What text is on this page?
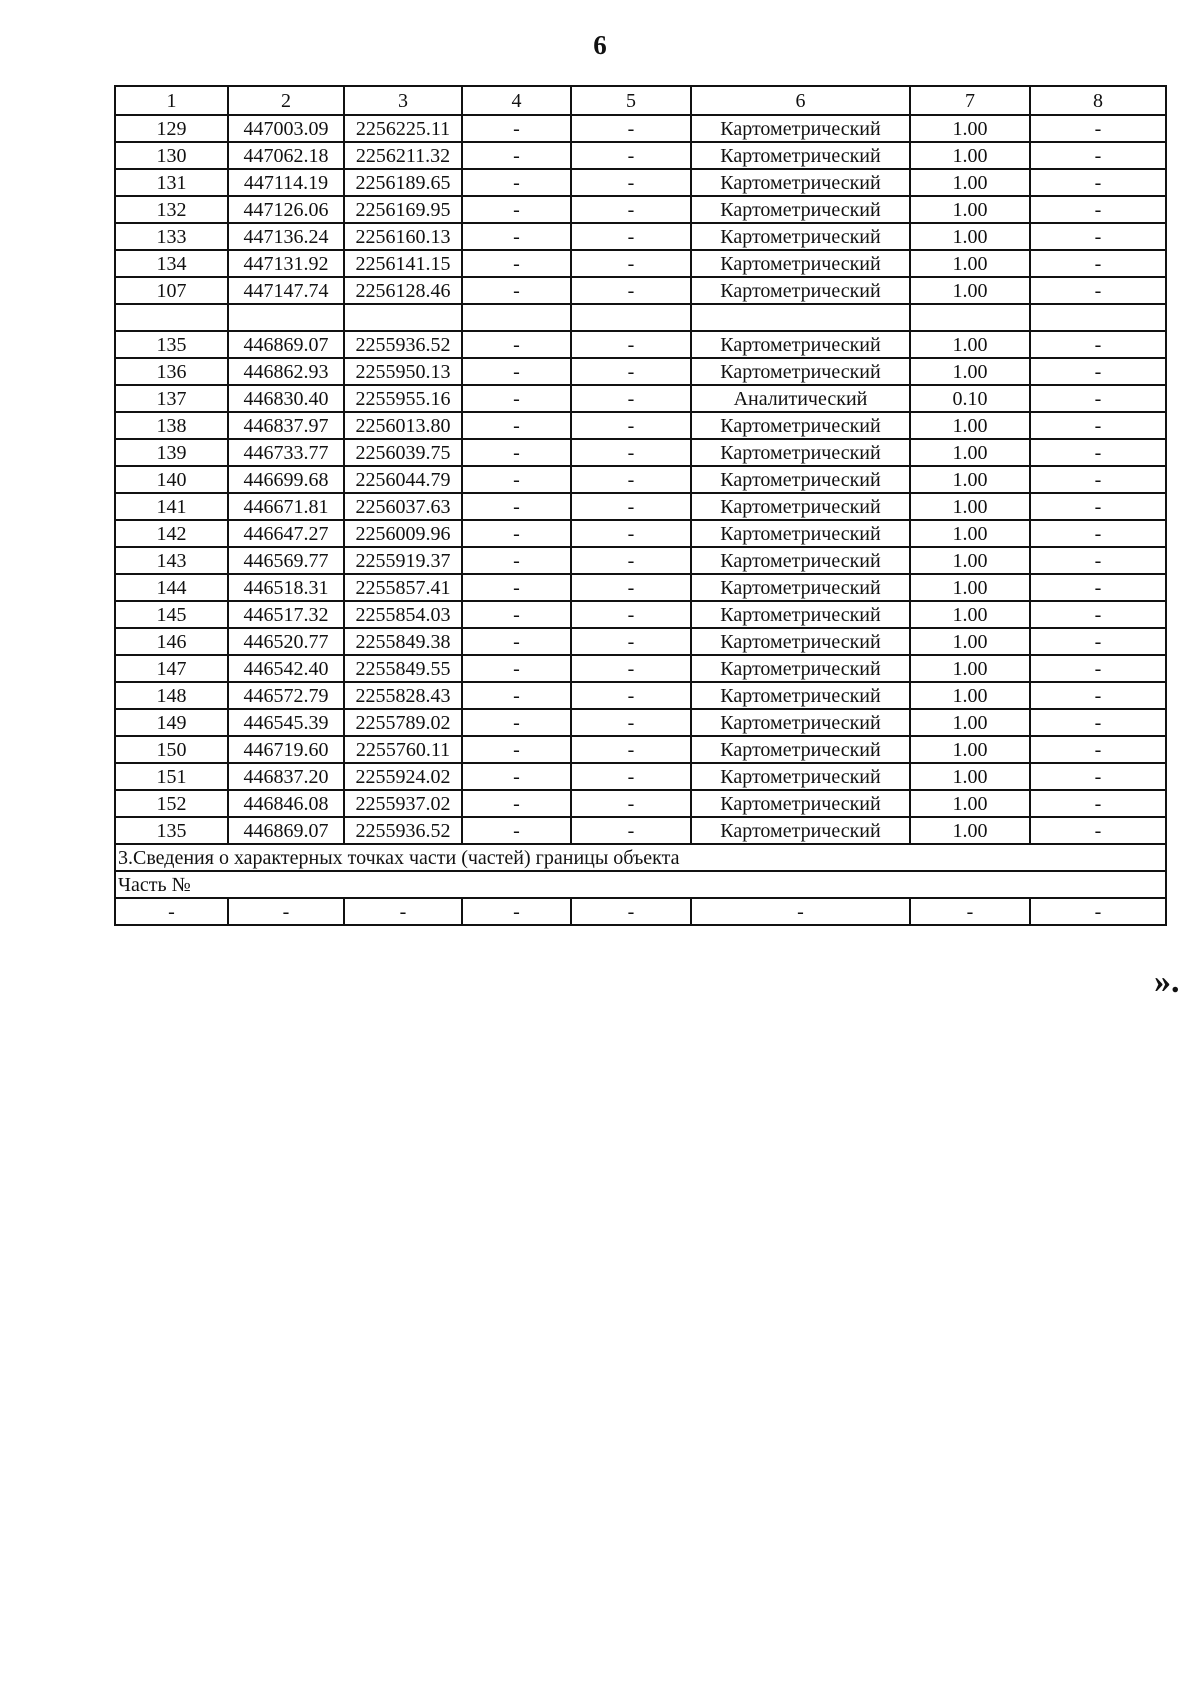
6
1	2	3	4	5	6	7	8
129	447003.09	2256225.11	-	-	Картометрический	1.00	-
130	447062.18	2256211.32	-	-	Картометрический	1.00	-
131	447114.19	2256189.65	-	-	Картометрический	1.00	-
132	447126.06	2256169.95	-	-	Картометрический	1.00	-
133	447136.24	2256160.13	-	-	Картометрический	1.00	-
134	447131.92	2256141.15	-	-	Картометрический	1.00	-
107	447147.74	2256128.46	-	-	Картометрический	1.00	-

135	446869.07	2255936.52	-	-	Картометрический	1.00	-
136	446862.93	2255950.13	-	-	Картометрический	1.00	-
137	446830.40	2255955.16	-	-	Аналитический	0.10	-
138	446837.97	2256013.80	-	-	Картометрический	1.00	-
139	446733.77	2256039.75	-	-	Картометрический	1.00	-
140	446699.68	2256044.79	-	-	Картометрический	1.00	-
141	446671.81	2256037.63	-	-	Картометрический	1.00	-
142	446647.27	2256009.96	-	-	Картометрический	1.00	-
143	446569.77	2255919.37	-	-	Картометрический	1.00	-
144	446518.31	2255857.41	-	-	Картометрический	1.00	-
145	446517.32	2255854.03	-	-	Картометрический	1.00	-
146	446520.77	2255849.38	-	-	Картометрический	1.00	-
147	446542.40	2255849.55	-	-	Картометрический	1.00	-
148	446572.79	2255828.43	-	-	Картометрический	1.00	-
149	446545.39	2255789.02	-	-	Картометрический	1.00	-
150	446719.60	2255760.11	-	-	Картометрический	1.00	-
151	446837.20	2255924.02	-	-	Картометрический	1.00	-
152	446846.08	2255937.02	-	-	Картометрический	1.00	-
135	446869.07	2255936.52	-	-	Картометрический	1.00	-
3.Сведения о характерных точках части (частей) границы объекта							
Часть №							
-	-	-	-	-	-	-	-
».
